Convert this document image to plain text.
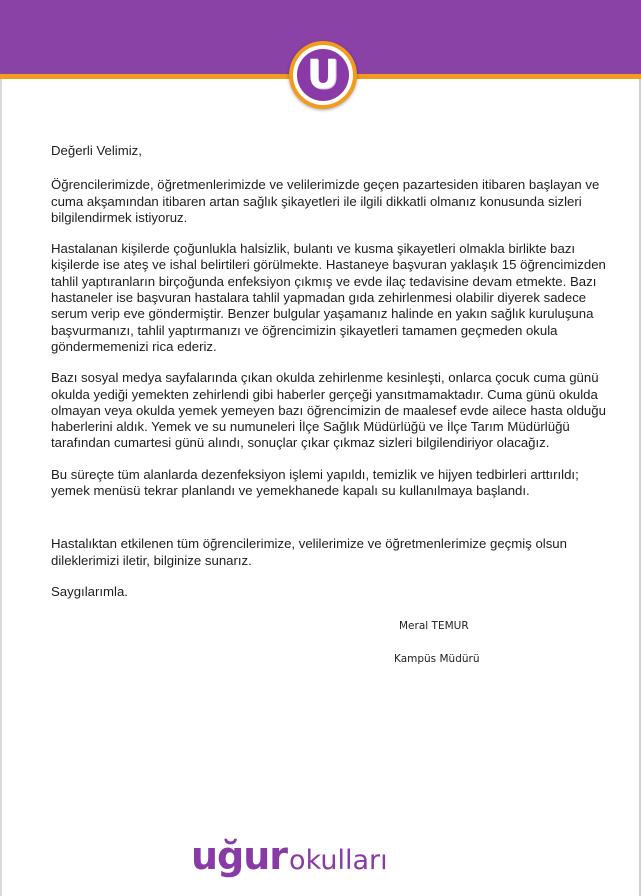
U

Değerli Velimiz,

Öğrencilerimizde, öğretmenlerimizde ve velilerimizde geçen pazartesiden itibaren başlayan ve cuma akşamından itibaren artan sağlık şikayetleri ile ilgili dikkatli olmanız konusunda sizleri bilgilendirmek istiyoruz.

Hastalanan kişilerde çoğunlukla halsizlik, bulantı ve kusma şikayetleri olmakla birlikte bazı kişilerde ise ateş ve ishal belirtileri görülmekte. Hastaneye başvuran yaklaşık 15 öğrencimizden tahlil yaptıranların birçoğunda enfeksiyon çıkmış ve evde ilaç tedavisine devam etmekte. Bazı hastaneler ise başvuran hastalara tahlil yapmadan gıda zehirlenmesi olabilir diyerek sadece serum verip eve göndermiştir. Benzer bulgular yaşamanız halinde en yakın sağlık kuruluşuna başvurmanızı, tahlil yaptırmanızı ve öğrencimizin şikayetleri tamamen geçmeden okula göndermemenizi rica ederiz.

Bazı sosyal medya sayfalarında çıkan okulda zehirlenme kesinleşti, onlarca çocuk cuma günü okulda yediği yemekten zehirlendi gibi haberler gerçeği yansıtmamaktadır. Cuma günü okulda olmayan veya okulda yemek yemeyen bazı öğrencimizin de maalesef evde ailece hasta olduğu haberlerini aldık. Yemek ve su numuneleri İlçe Sağlık Müdürlüğü ve İlçe Tarım Müdürlüğü tarafından cumartesi günü alındı, sonuçlar çıkar çıkmaz sizleri bilgilendiriyor olacağız.

Bu süreçte tüm alanlarda dezenfeksiyon işlemi yapıldı, temizlik ve hijyen tedbirleri arttırıldı; yemek menüsü tekrar planlandı ve yemekhanede kapalı su kullanılmaya başlandı.

Hastalıktan etkilenen tüm öğrencilerimize, velilerimize ve öğretmenlerimize geçmiş olsun dileklerimizi iletir, bilginize sunarız.

Saygılarımla.

Meral TEMUR
Kampüs Müdürü
uğurokulları
